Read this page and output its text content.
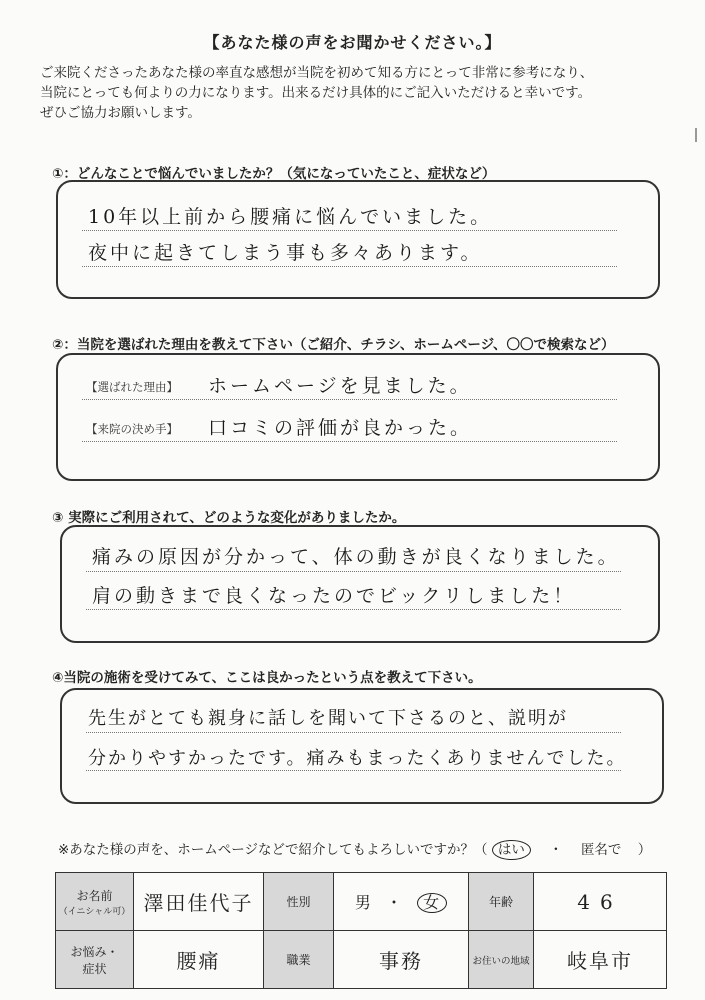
【あなた様の声をお聞かせください。】
ご来院くださったあなた様の率直な感想が当院を初めて知る方にとって非常に参考になり、
当院にとっても何よりの力になります。出来るだけ具体的にご記入いただけると幸いです。
ぜひご協力お願いします。
①：どんなことで悩んでいましたか？（気になっていたこと、症状など）
10年以上前から腰痛に悩んでいました。
夜中に起きてしまう事も多々あります。
②：当院を選ばれた理由を教えて下さい（ご紹介、チラシ、ホームページ、〇〇で検索など）
【選ばれた理由】 ホームページを見ました。
【来院の決め手】 口コミの評価が良かった。
③ 実際にご利用されて、どのような変化がありましたか。
痛みの原因が分かって、体の動きが良くなりました。
肩の動きまで良くなったのでビックリしました！
④当院の施術を受けてみて、ここは良かったという点を教えて下さい。
先生がとても親身に話しを聞いて下さるのと、説明が
分かりやすかったです。痛みもまったくありませんでした。
※あなた様の声を、ホームページなどで紹介してもよろしいですか？（ はい ・ 匿名で ）
お名前
（イニシャル可）	澤田佳代子	性別	男 ・ 女	年齢	46

お悩み・
症状	腰痛	職業	事務	お住いの地域	岐阜市
